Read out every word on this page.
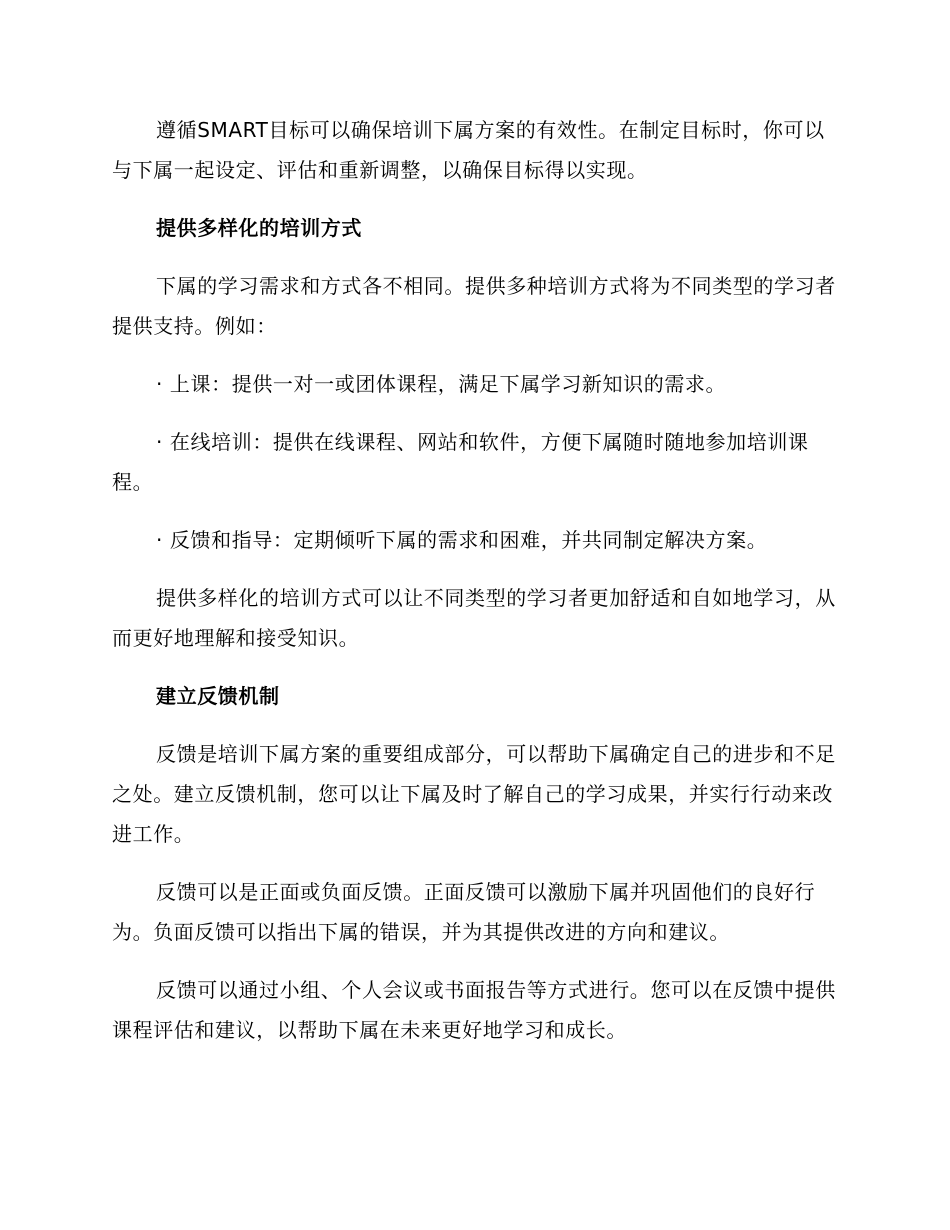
遵循SMART目标可以确保培训下属方案的有效性。在制定目标时，你可以与下属一起设定、评估和重新调整，以确保目标得以实现。

提供多样化的培训方式

下属的学习需求和方式各不相同。提供多种培训方式将为不同类型的学习者提供支持。例如：

· 上课：提供一对一或团体课程，满足下属学习新知识的需求。

· 在线培训：提供在线课程、网站和软件，方便下属随时随地参加培训课程。

· 反馈和指导：定期倾听下属的需求和困难，并共同制定解决方案。

提供多样化的培训方式可以让不同类型的学习者更加舒适和自如地学习，从而更好地理解和接受知识。

建立反馈机制

反馈是培训下属方案的重要组成部分，可以帮助下属确定自己的进步和不足之处。建立反馈机制，您可以让下属及时了解自己的学习成果，并实行行动来改进工作。

反馈可以是正面或负面反馈。正面反馈可以激励下属并巩固他们的良好行为。负面反馈可以指出下属的错误，并为其提供改进的方向和建议。

反馈可以通过小组、个人会议或书面报告等方式进行。您可以在反馈中提供课程评估和建议，以帮助下属在未来更好地学习和成长。
